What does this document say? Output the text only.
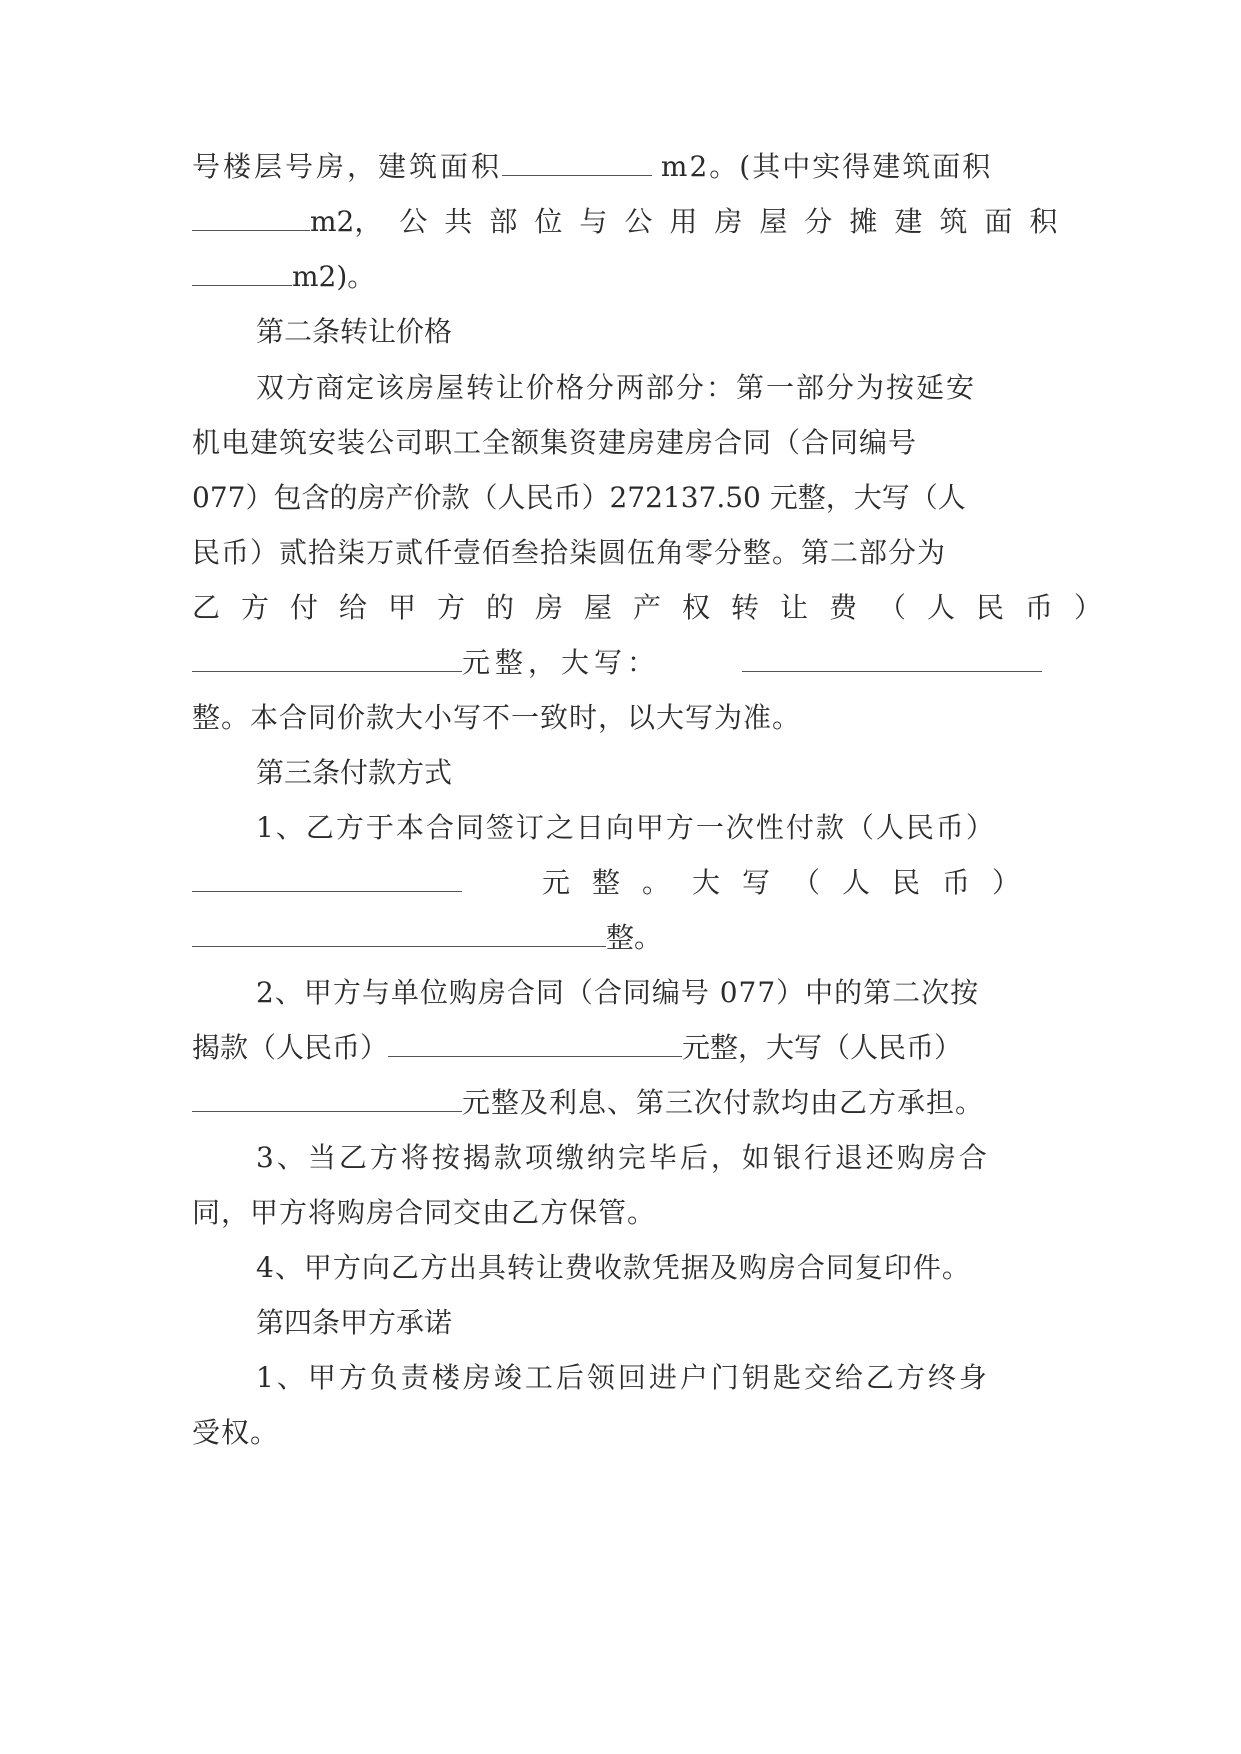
号楼层号房，建筑面积	m2。(其中实得建筑面积
m2 ，公共部位与公用房屋分摊建筑面积
m2)。
第二条转让价格
双方商定该房屋转让价格分两部分：第一部分为按延安
机电建筑安装公司职工全额集资建房建房合同（合同编号
077）包含的房产价款（人民币）272137.50 元整，大写（人
民币）贰拾柒万贰仟壹佰叁拾柒圆伍角零分整。第二部分为
乙方付给甲方的房屋产权转让费（人民币）
元整，大写：
整。本合同价款大小写不一致时，以大写为准。
第三条付款方式
1、乙方于本合同签订之日向甲方一次性付款（人民币）
元整。大写（人民币）
整。
2、甲方与单位购房合同（合同编号 077）中的第二次按
揭款（人民币）	元整，大写（人民币）
元整及利息、第三次付款均由乙方承担。
3、当乙方将按揭款项缴纳完毕后，如银行退还购房合
同，甲方将购房合同交由乙方保管。
4、甲方向乙方出具转让费收款凭据及购房合同复印件。
第四条甲方承诺
1、甲方负责楼房竣工后领回进户门钥匙交给乙方终身
受权。
